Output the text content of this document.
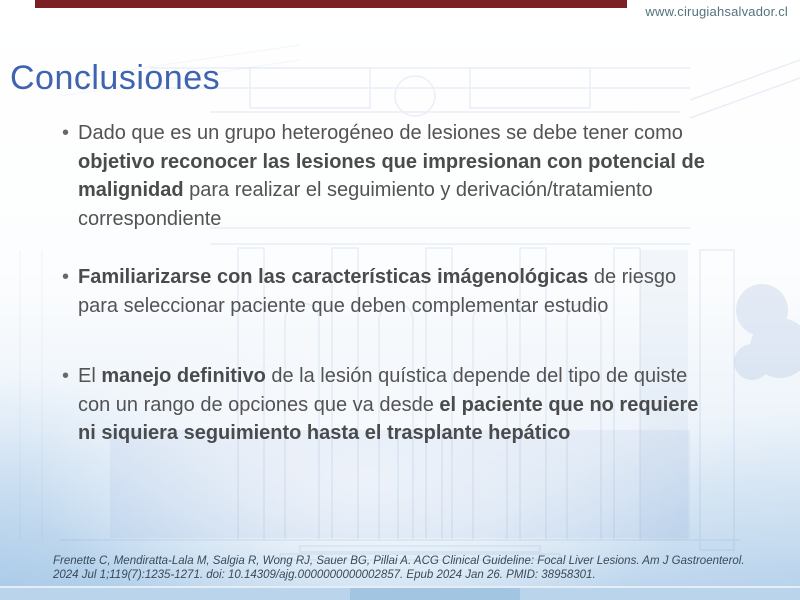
www.cirugiahsalvador.cl
Conclusiones
• Dado que es un grupo heterogéneo de lesiones se debe tener como objetivo reconocer las lesiones que impresionan con potencial de malignidad para realizar el seguimiento y derivación/tratamiento correspondiente
• Familiarizarse con las características imágenológicas de riesgo para seleccionar paciente que deben complementar estudio
• El manejo definitivo de la lesión quística depende del tipo de quiste con un rango de opciones que va desde el paciente que no requiere ni siquiera seguimiento hasta el trasplante hepático
Frenette C, Mendiratta-Lala M, Salgia R, Wong RJ, Sauer BG, Pillai A. ACG Clinical Guideline: Focal Liver Lesions. Am J Gastroenterol.
2024 Jul 1;119(7):1235-1271. doi: 10.14309/ajg.0000000000002857. Epub 2024 Jan 26. PMID: 38958301.
